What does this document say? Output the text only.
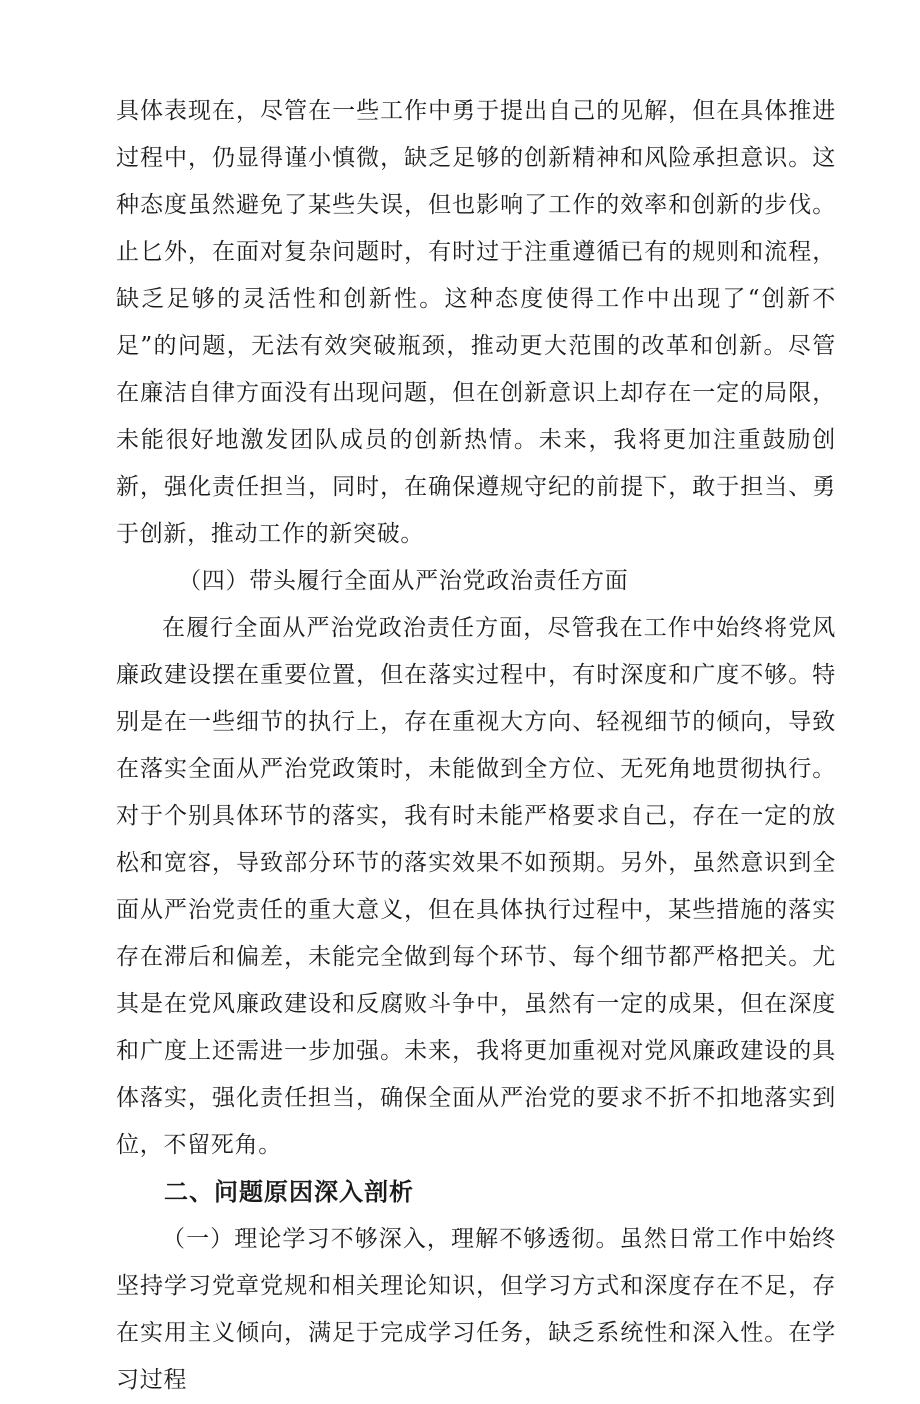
具体表现在，尽管在一些工作中勇于提出自己的见解，但在具体推进过程中，仍显得谨小慎微，缺乏足够的创新精神和风险承担意识。这种态度虽然避免了某些失误，但也影响了工作的效率和创新的步伐。止匕外，在面对复杂问题时，有时过于注重遵循已有的规则和流程，缺乏足够的灵活性和创新性。这种态度使得工作中出现了“创新不足”的问题，无法有效突破瓶颈，推动更大范围的改革和创新。尽管在廉洁自律方面没有出现问题，但在创新意识上却存在一定的局限，未能很好地激发团队成员的创新热情。未来，我将更加注重鼓励创新，强化责任担当，同时，在确保遵规守纪的前提下，敢于担当、勇于创新，推动工作的新突破。

（四）带头履行全面从严治党政治责任方面

在履行全面从严治党政治责任方面，尽管我在工作中始终将党风廉政建设摆在重要位置，但在落实过程中，有时深度和广度不够。特别是在一些细节的执行上，存在重视大方向、轻视细节的倾向，导致在落实全面从严治党政策时，未能做到全方位、无死角地贯彻执行。对于个别具体环节的落实，我有时未能严格要求自己，存在一定的放松和宽容，导致部分环节的落实效果不如预期。另外，虽然意识到全面从严治党责任的重大意义，但在具体执行过程中，某些措施的落实存在滞后和偏差，未能完全做到每个环节、每个细节都严格把关。尤其是在党风廉政建设和反腐败斗争中，虽然有一定的成果，但在深度和广度上还需进一步加强。未来，我将更加重视对党风廉政建设的具体落实，强化责任担当，确保全面从严治党的要求不折不扣地落实到位，不留死角。

二、问题原因深入剖析

（一）理论学习不够深入，理解不够透彻。虽然日常工作中始终坚持学习党章党规和相关理论知识，但学习方式和深度存在不足，存在实用主义倾向，满足于完成学习任务，缺乏系统性和深入性。在学习过程
